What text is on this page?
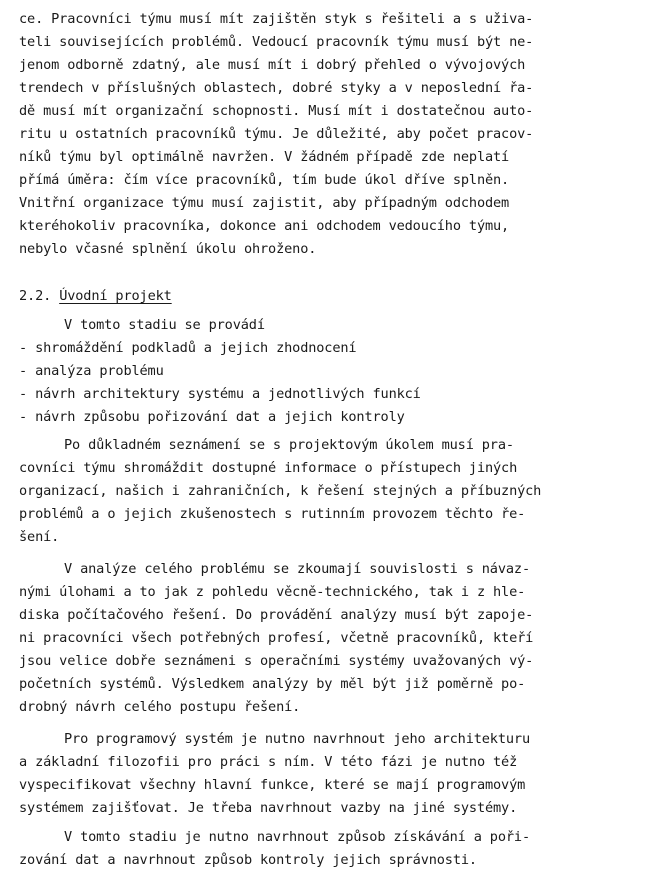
ce. Pracovníci týmu musí mít zajištěn styk s řešiteli a s uživa-
teli souvisejících problémů. Vedoucí pracovník týmu musí být ne-
jenom odborně zdatný, ale musí mít i dobrý přehled o vývojových
trendech v příslušných oblastech, dobré styky a v neposlední řa-
dě musí mít organizační schopnosti. Musí mít i dostatečnou auto-
ritu u ostatních pracovníků týmu. Je důležité, aby počet pracov-
níků týmu byl optimálně navržen. V žádném případě zde neplatí
přímá úměra: čím více pracovníků, tím bude úkol dříve splněn.
Vnitřní organizace týmu musí zajistit, aby případným odchodem
kteréhokoliv pracovníka, dokonce ani odchodem vedoucího týmu,
nebylo včasné splnění úkolu ohroženo.
2.2. Úvodní projekt
V tomto stadiu se provádí
- shromáždění podkladů a jejich zhodnocení
- analýza problému
- návrh architektury systému a jednotlivých funkcí
- návrh způsobu pořizování dat a jejich kontroly
Po důkladném seznámení se s projektovým úkolem musí pra-
covníci týmu shromáždit dostupné informace o přístupech jiných
organizací, našich i zahraničních, k řešení stejných a příbuzných
problémů a o jejich zkušenostech s rutinním provozem těchto ře-
šení.
V analýze celého problému se zkoumají souvislosti s návaz-
nými úlohami a to jak z pohledu věcně-technického, tak i z hle-
diska počítačového řešení. Do provádění analýzy musí být zapoje-
ni pracovníci všech potřebných profesí, včetně pracovníků, kteří
jsou velice dobře seznámeni s operačními systémy uvažovaných vý-
početních systémů. Výsledkem analýzy by měl být již poměrně po-
drobný návrh celého postupu řešení.
Pro programový systém je nutno navrhnout jeho architekturu
a základní filozofii pro práci s ním. V této fázi je nutno též
vyspecifikovat všechny hlavní funkce, které se mají programovým
systémem zajišťovat. Je třeba navrhnout vazby na jiné systémy.
V tomto stadiu je nutno navrhnout způsob získávání a poři-
zování dat a navrhnout způsob kontroly jejich správnosti.
